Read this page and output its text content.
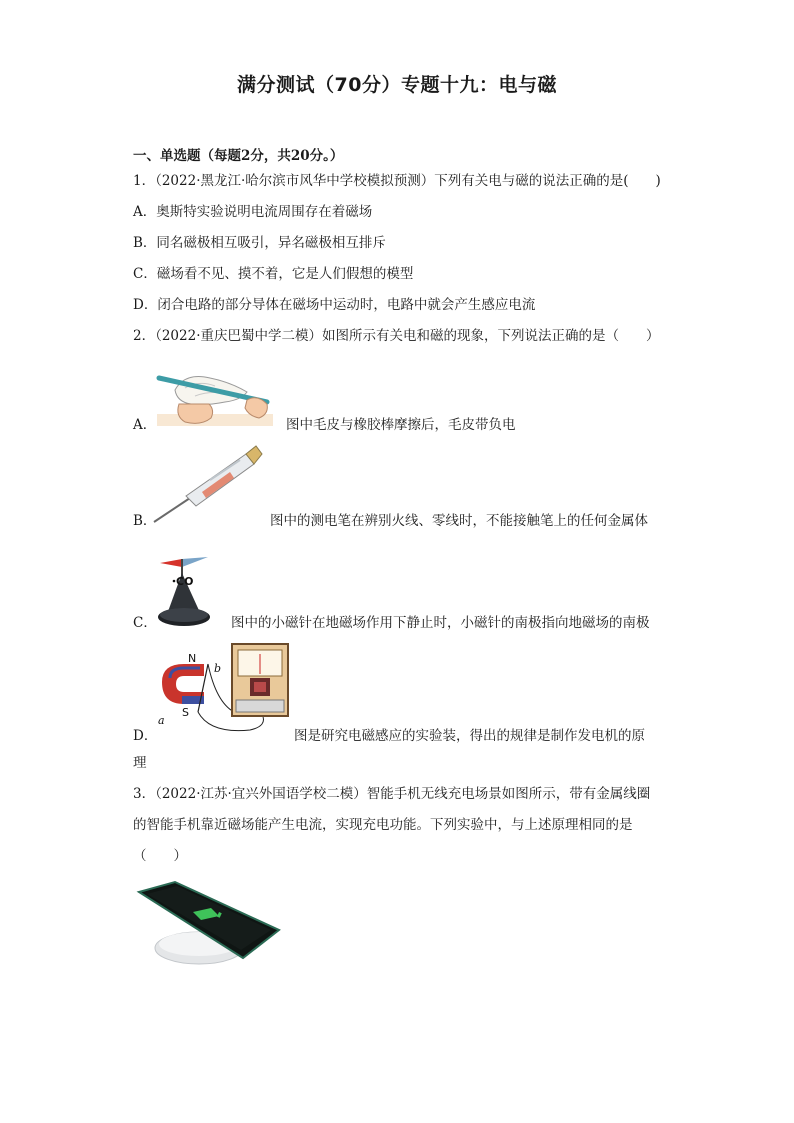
满分测试（70分）专题十九：电与磁
一、单选题（每题2分，共20分。）
1．（2022·黑龙江·哈尔滨市风华中学校模拟预测）下列有关电与磁的说法正确的是(　　)
A．奥斯特实验说明电流周围存在着磁场
B．同名磁极相互吸引，异名磁极相互排斥
C．磁场看不见、摸不着，它是人们假想的模型
D．闭合电路的部分导体在磁场中运动时，电路中就会产生感应电流
2．（2022·重庆巴蜀中学二模）如图所示有关电和磁的现象，下列说法正确的是（　　）
A．	图中毛皮与橡胶棒摩擦后，毛皮带负电
B．	图中的测电笔在辨别火线、零线时，不能接触笔上的任何金属体
CO
C．	图中的小磁针在地磁场作用下静止时，小磁针的南极指向地磁场的南极
N
S
a
b
D．	图是研究电磁感应的实验装，得出的规律是制作发电机的原
理
3．（2022·江苏·宜兴外国语学校二模）智能手机无线充电场景如图所示，带有金属线圈
的智能手机靠近磁场能产生电流，实现充电功能。下列实验中，与上述原理相同的是
（　　）
